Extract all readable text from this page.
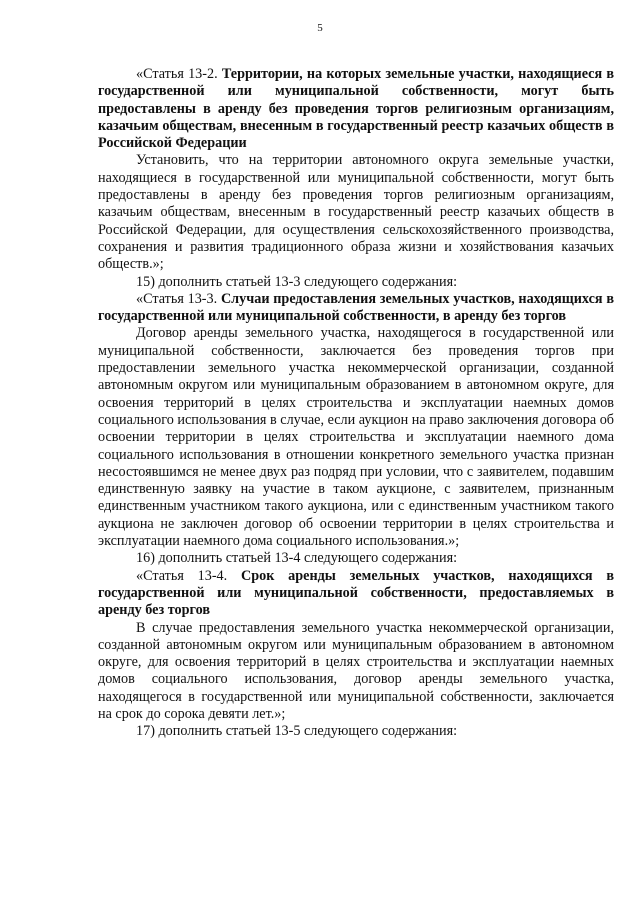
5

«Статья 13-2. Территории, на которых земельные участки, находящиеся в государственной или муниципальной собственности, могут быть предоставлены в аренду без проведения торгов религиозным организациям, казачьим обществам, внесенным в государственный реестр казачьих обществ в Российской Федерации

Установить, что на территории автономного округа земельные участки, находящиеся в государственной или муниципальной собственности, могут быть предоставлены в аренду без проведения торгов религиозным организациям, казачьим обществам, внесенным в государственный реестр казачьих обществ в Российской Федерации, для осуществления сельскохозяйственного производства, сохранения и развития традиционного образа жизни и хозяйствования казачьих обществ.»;

15) дополнить статьей 13-3 следующего содержания:

«Статья 13-3. Случаи предоставления земельных участков, находящихся в государственной или муниципальной собственности, в аренду без торгов

Договор аренды земельного участка, находящегося в государственной или муниципальной собственности, заключается без проведения торгов при предоставлении земельного участка некоммерческой организации, созданной автономным округом или муниципальным образованием в автономном округе, для освоения территорий в целях строительства и эксплуатации наемных домов социального использования в случае, если аукцион на право заключения договора об освоении территории в целях строительства и эксплуатации наемного дома социального использования в отношении конкретного земельного участка признан несостоявшимся не менее двух раз подряд при условии, что с заявителем, подавшим единственную заявку на участие в таком аукционе, с заявителем, признанным единственным участником такого аукциона, или с единственным участником такого аукциона не заключен договор об освоении территории в целях строительства и эксплуатации наемного дома социального использования.»;

16) дополнить статьей 13-4 следующего содержания:

«Статья 13-4. Срок аренды земельных участков, находящихся в государственной или муниципальной собственности, предоставляемых в аренду без торгов

В случае предоставления земельного участка некоммерческой организации, созданной автономным округом или муниципальным образованием в автономном округе, для освоения территорий в целях строительства и эксплуатации наемных домов социального использования, договор аренды земельного участка, находящегося в государственной или муниципальной собственности, заключается на срок до сорока девяти лет.»;

17) дополнить статьей 13-5 следующего содержания:
